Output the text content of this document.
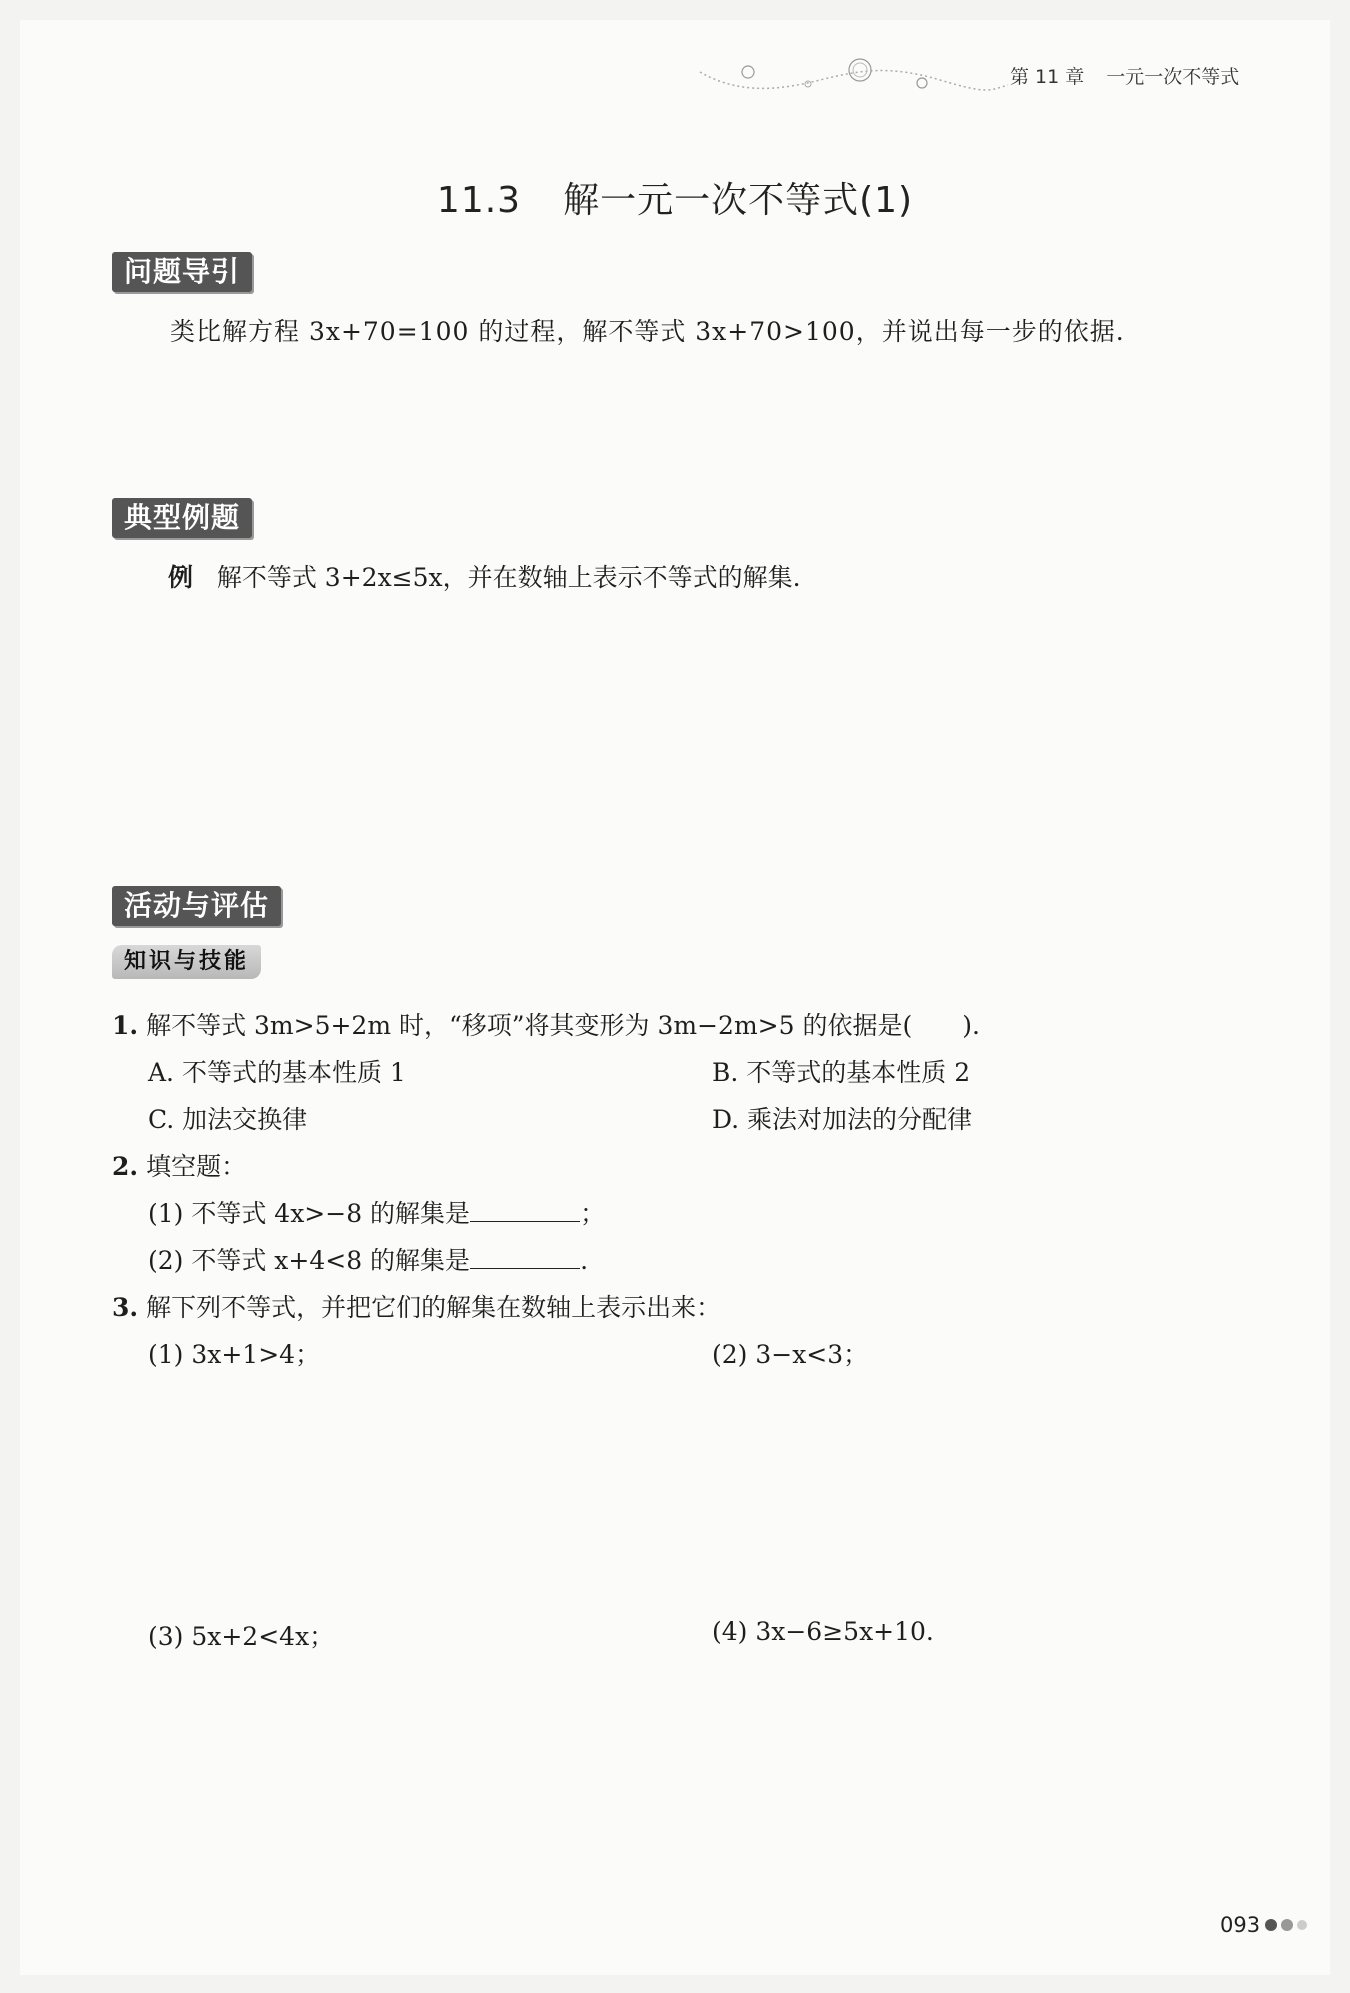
第 11 章 一元一次不等式
11.3 解一元一次不等式(1)
问题导引
类比解方程 3x+70=100 的过程，解不等式 3x+70>100，并说出每一步的依据.
典型例题
例 解不等式 3+2x≤5x，并在数轴上表示不等式的解集.
活动与评估
知识与技能
1. 解不等式 3m>5+2m 时，“移项”将其变形为 3m−2m>5 的依据是(　　).
A. 不等式的基本性质 1	B. 不等式的基本性质 2
C. 加法交换律	D. 乘法对加法的分配律
2. 填空题：
(1) 不等式 4x>−8 的解集是	；
(2) 不等式 x+4<8 的解集是	.
3. 解下列不等式，并把它们的解集在数轴上表示出来：
(1) 3x+1>4；	(2) 3−x<3；
(3) 5x+2<4x；	(4) 3x−6≥5x+10.
093
